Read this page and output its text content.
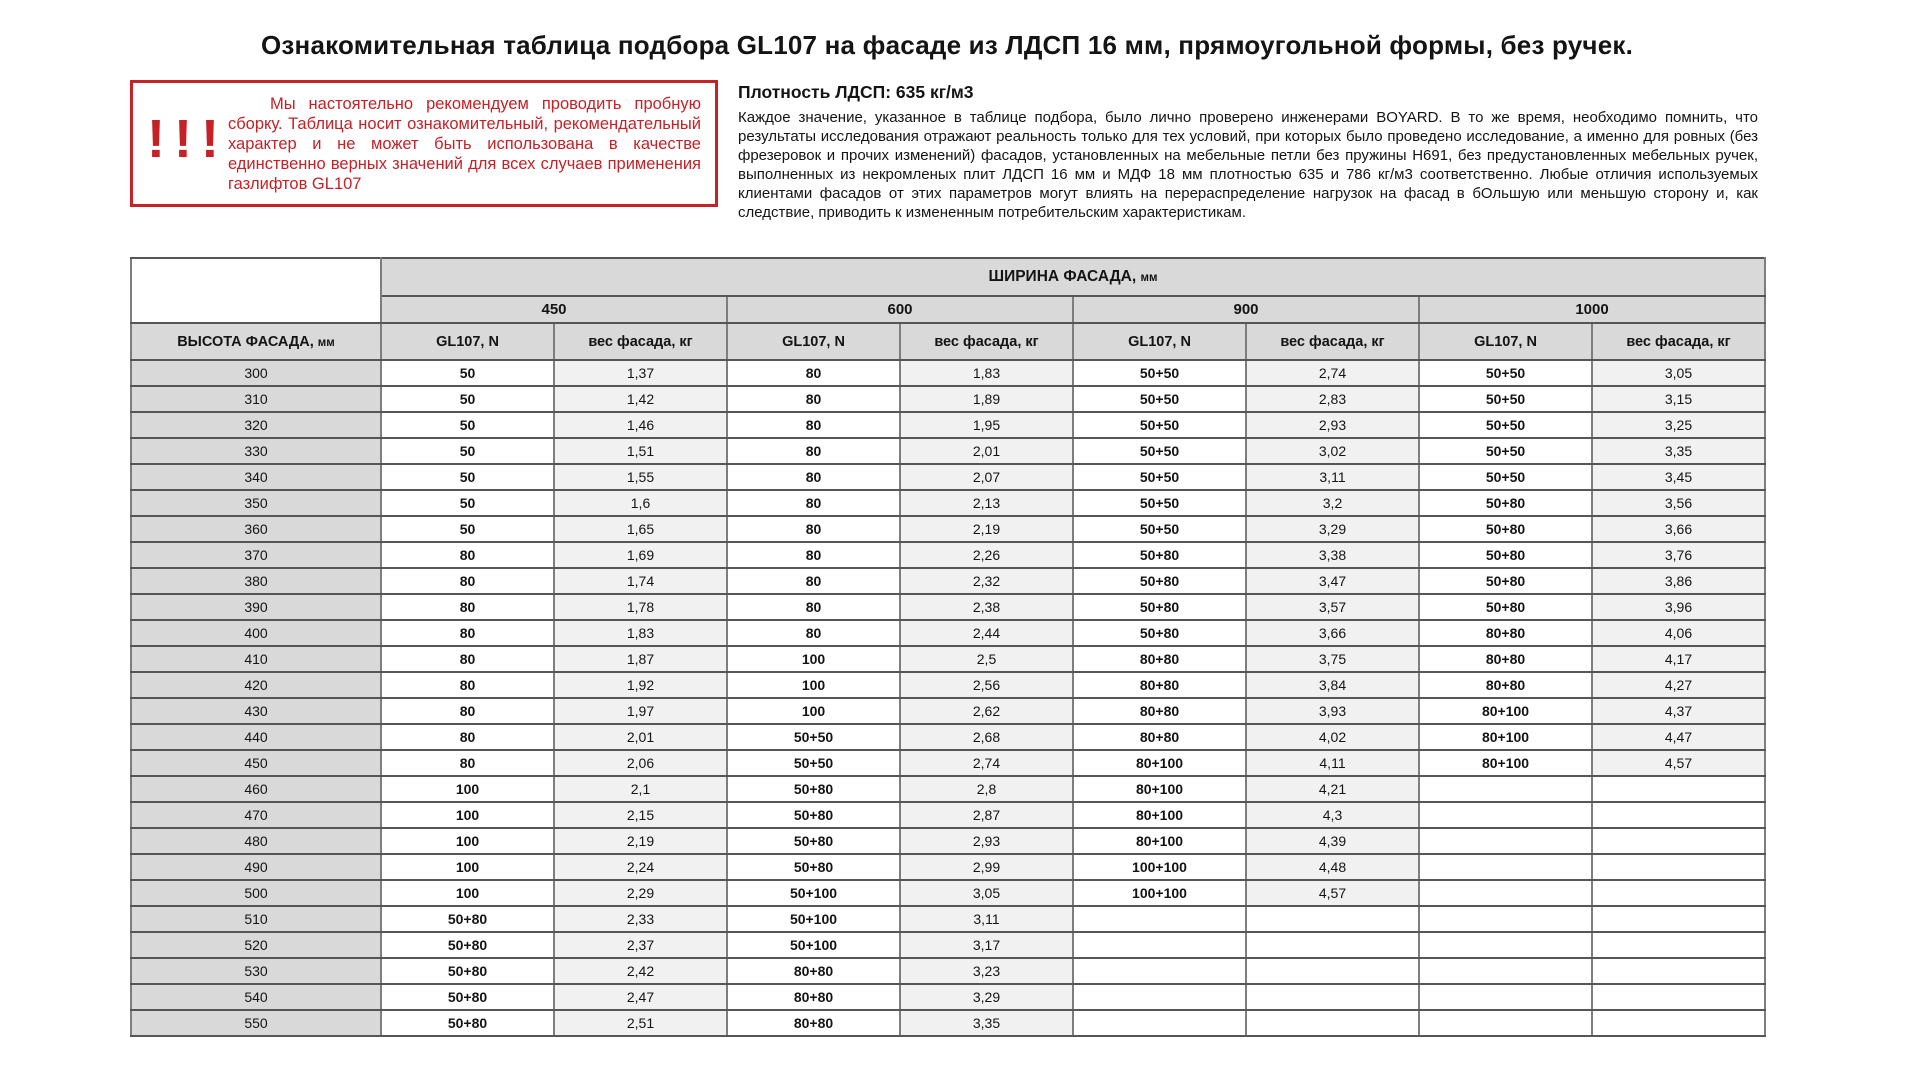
Ознакомительная таблица подбора GL107 на фасаде из ЛДСП 16 мм, прямоугольной формы, без ручек.
!!!
Мы настоятельно рекомендуем проводить пробную сборку. Таблица носит ознакомительный, рекомендательный характер и не может быть использована в качестве единственно верных значений для всех случаев применения газлифтов GL107
Плотность ЛДСП: 635 кг/м3

Каждое значение, указанное в таблице подбора, было лично проверено инженерами BOYARD. В то же время, необходимо помнить, что результаты исследования отражают реальность только для тех условий, при которых было проведено исследование, а именно для ровных (без фрезеровок и прочих изменений) фасадов, установленных на мебельные петли без пружины Н691, без предустановленных мебельных ручек, выполненных из некромленых плит ЛДСП 16 мм и МДФ 18 мм плотностью 635 и 786 кг/м3 соответственно. Любые отличия используемых клиентами фасадов от этих параметров могут влиять на перераспределение нагрузок на фасад в бОльшую или меньшую сторону и, как следствие, приводить к измененным потребительским характеристикам.

	ШИРИНА ФАСАДА, мм							
	450		600		900		1000	
ВЫСОТА ФАСАДА, мм	GL107, N	вес фасада, кг	GL107, N	вес фасада, кг	GL107, N	вес фасада, кг	GL107, N	вес фасада, кг
300	50	1,37	80	1,83	50+50	2,74	50+50	3,05
310	50	1,42	80	1,89	50+50	2,83	50+50	3,15
320	50	1,46	80	1,95	50+50	2,93	50+50	3,25
330	50	1,51	80	2,01	50+50	3,02	50+50	3,35
340	50	1,55	80	2,07	50+50	3,11	50+50	3,45
350	50	1,6	80	2,13	50+50	3,2	50+80	3,56
360	50	1,65	80	2,19	50+50	3,29	50+80	3,66
370	80	1,69	80	2,26	50+80	3,38	50+80	3,76
380	80	1,74	80	2,32	50+80	3,47	50+80	3,86
390	80	1,78	80	2,38	50+80	3,57	50+80	3,96
400	80	1,83	80	2,44	50+80	3,66	80+80	4,06
410	80	1,87	100	2,5	80+80	3,75	80+80	4,17
420	80	1,92	100	2,56	80+80	3,84	80+80	4,27
430	80	1,97	100	2,62	80+80	3,93	80+100	4,37
440	80	2,01	50+50	2,68	80+80	4,02	80+100	4,47
450	80	2,06	50+50	2,74	80+100	4,11	80+100	4,57
460	100	2,1	50+80	2,8	80+100	4,21		
470	100	2,15	50+80	2,87	80+100	4,3		
480	100	2,19	50+80	2,93	80+100	4,39		
490	100	2,24	50+80	2,99	100+100	4,48		
500	100	2,29	50+100	3,05	100+100	4,57		
510	50+80	2,33	50+100	3,11				
520	50+80	2,37	50+100	3,17				
530	50+80	2,42	80+80	3,23				
540	50+80	2,47	80+80	3,29				
550	50+80	2,51	80+80	3,35				
